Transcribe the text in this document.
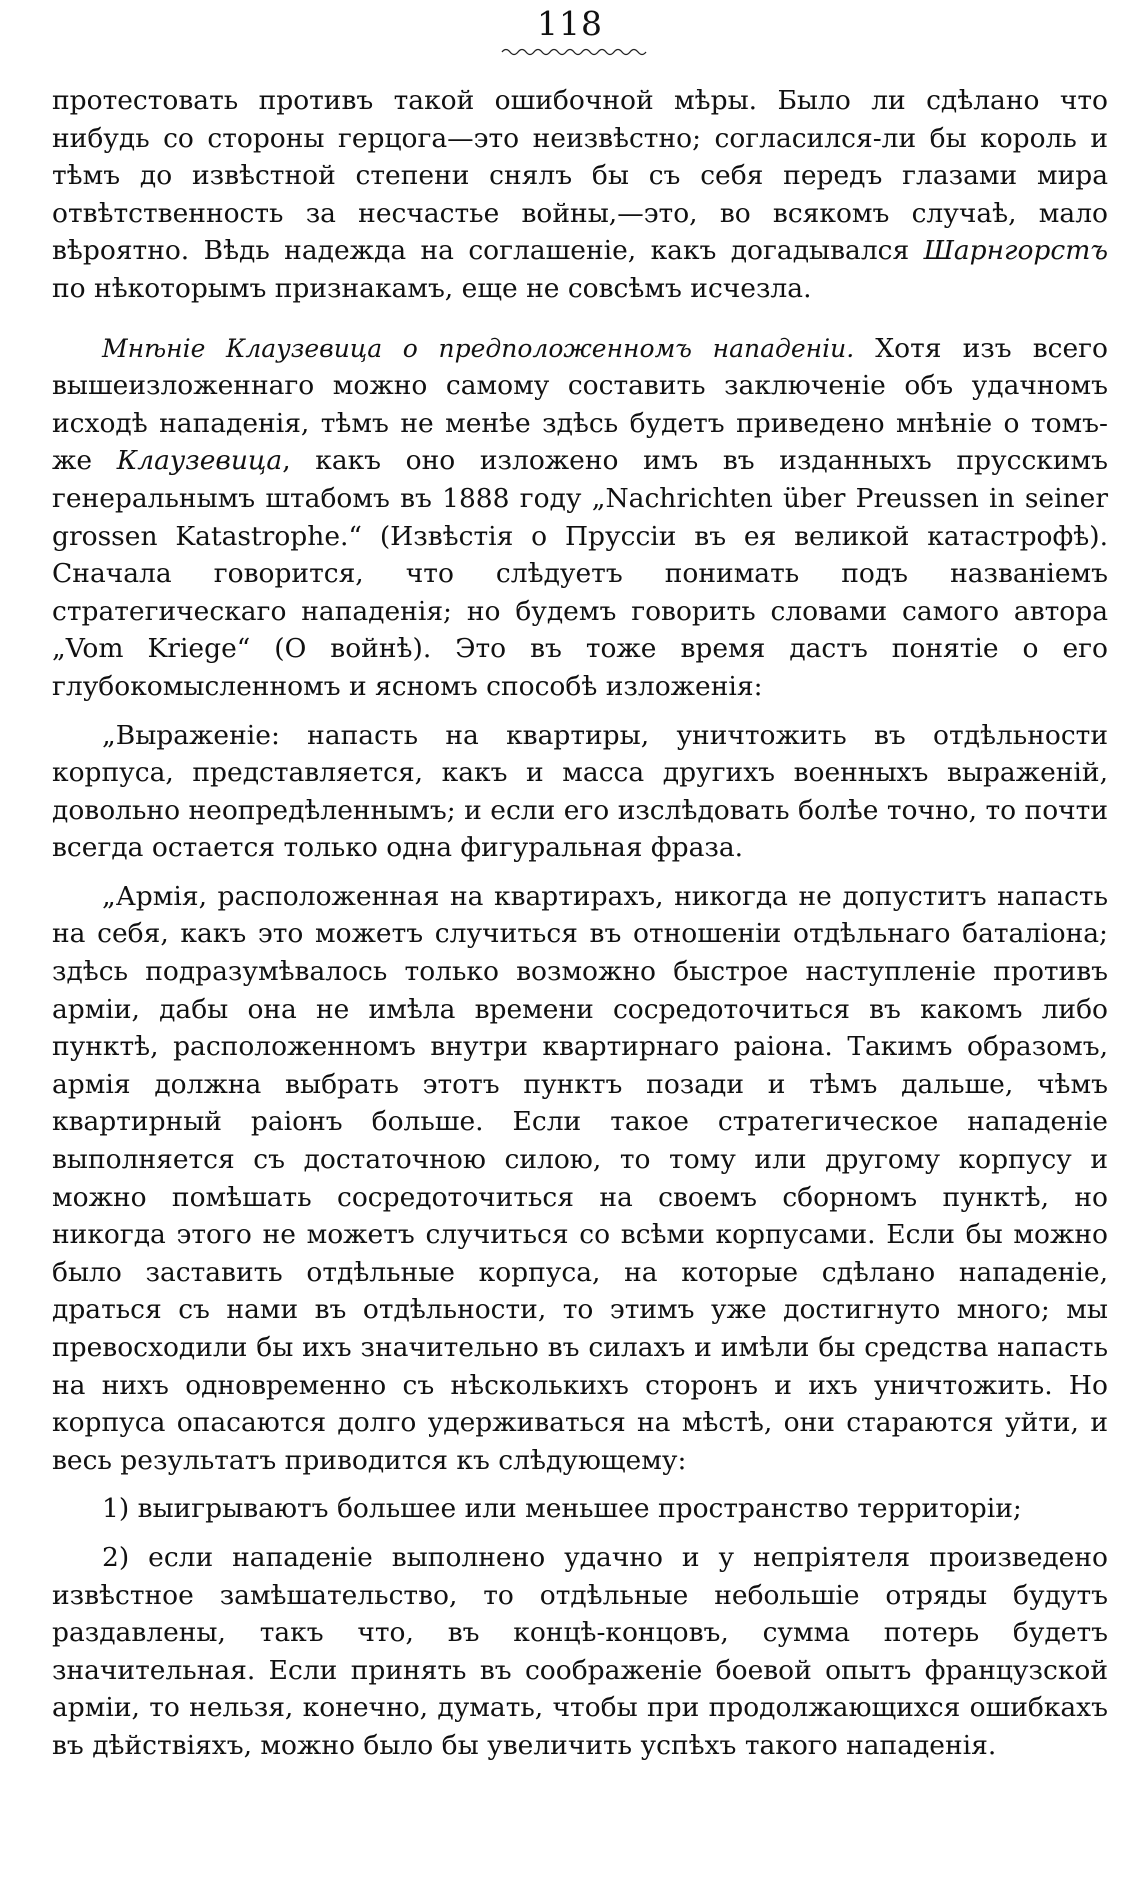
118

протестовать противъ такой ошибочной мѣры. Было ли сдѣлано что нибудь со стороны герцога—это неизвѣстно; согласился-ли бы король и тѣмъ до извѣстной степени снялъ бы съ себя передъ глазами мира отвѣтственность за несчастье войны,—это, во всякомъ случаѣ, мало вѣроятно. Вѣдь надежда на соглашеніе, какъ догадывался Шарнгорстъ по нѣкоторымъ признакамъ, еще не совсѣмъ исчезла.

Мнѣніе Клаузевица о предположенномъ нападеніи. Хотя изъ всего вышеизложеннаго можно самому составить заключеніе объ удачномъ исходѣ нападенія, тѣмъ не менѣе здѣсь будетъ приведено мнѣніе о томъ-же Клаузевица, какъ оно изложено имъ въ изданныхъ прусскимъ генеральнымъ штабомъ въ 1888 году „Nachrichten über Preussen in seiner grossen Katastrophe.“ (Извѣстія о Пруссіи въ ея великой катастрофѣ). Сначала говорится, что слѣдуетъ понимать подъ названіемъ стратегическаго нападенія; но будемъ говорить словами самого автора „Vom Kriege“ (О войнѣ). Это въ тоже время дастъ понятіе о его глубокомысленномъ и ясномъ способѣ изложенія:

„Выраженіе: напасть на квартиры, уничтожить въ отдѣльности корпуса, представляется, какъ и масса другихъ военныхъ выраженій, довольно неопредѣленнымъ; и если его изслѣдовать болѣе точно, то почти всегда остается только одна фигуральная фраза.

„Армія, расположенная на квартирахъ, никогда не допуститъ напасть на себя, какъ это можетъ случиться въ отношеніи отдѣльнаго баталіона; здѣсь подразумѣвалось только возможно быстрое наступленіе противъ арміи, дабы она не имѣла времени сосредоточиться въ какомъ либо пунктѣ, расположенномъ внутри квартирнаго раіона. Такимъ образомъ, армія должна выбрать этотъ пунктъ позади и тѣмъ дальше, чѣмъ квартирный раіонъ больше. Если такое стратегическое нападеніе выполняется съ достаточною силою, то тому или другому корпусу и можно помѣшать сосредоточиться на своемъ сборномъ пунктѣ, но никогда этого не можетъ случиться со всѣми корпусами. Если бы можно было заставить отдѣльные корпуса, на которые сдѣлано нападеніе, драться съ нами въ отдѣльности, то этимъ уже достигнуто много; мы превосходили бы ихъ значительно въ силахъ и имѣли бы средства напасть на нихъ одновременно съ нѣсколькихъ сторонъ и ихъ уничтожить. Но корпуса опасаются долго удерживаться на мѣстѣ, они стараются уйти, и весь результатъ приводится къ слѣдующему:

1) выигрываютъ большее или меньшее пространство территоріи;

2) если нападеніе выполнено удачно и у непріятеля произведено извѣстное замѣшательство, то отдѣльные небольшіе отряды будутъ раздавлены, такъ что, въ концѣ-концовъ, сумма потерь будетъ значительная. Если принять въ соображеніе боевой опытъ французской арміи, то нельзя, конечно, думать, чтобы при продолжающихся ошибкахъ въ дѣйствіяхъ, можно было бы увеличить успѣхъ такого нападенія.
